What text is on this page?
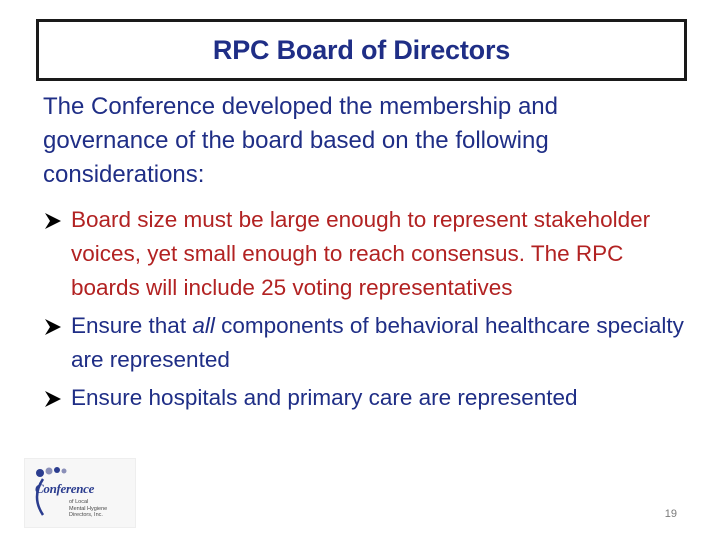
RPC Board of Directors
The Conference developed the membership and governance of the board based on the following considerations:
Board size must be large enough to represent stakeholder voices, yet small enough to reach consensus. The RPC boards will include 25 voting representatives
Ensure that all components of behavioral healthcare specialty are represented
Ensure hospitals and primary care are represented
Conference
of Local
Mental Hygiene
Directors, Inc.	19
